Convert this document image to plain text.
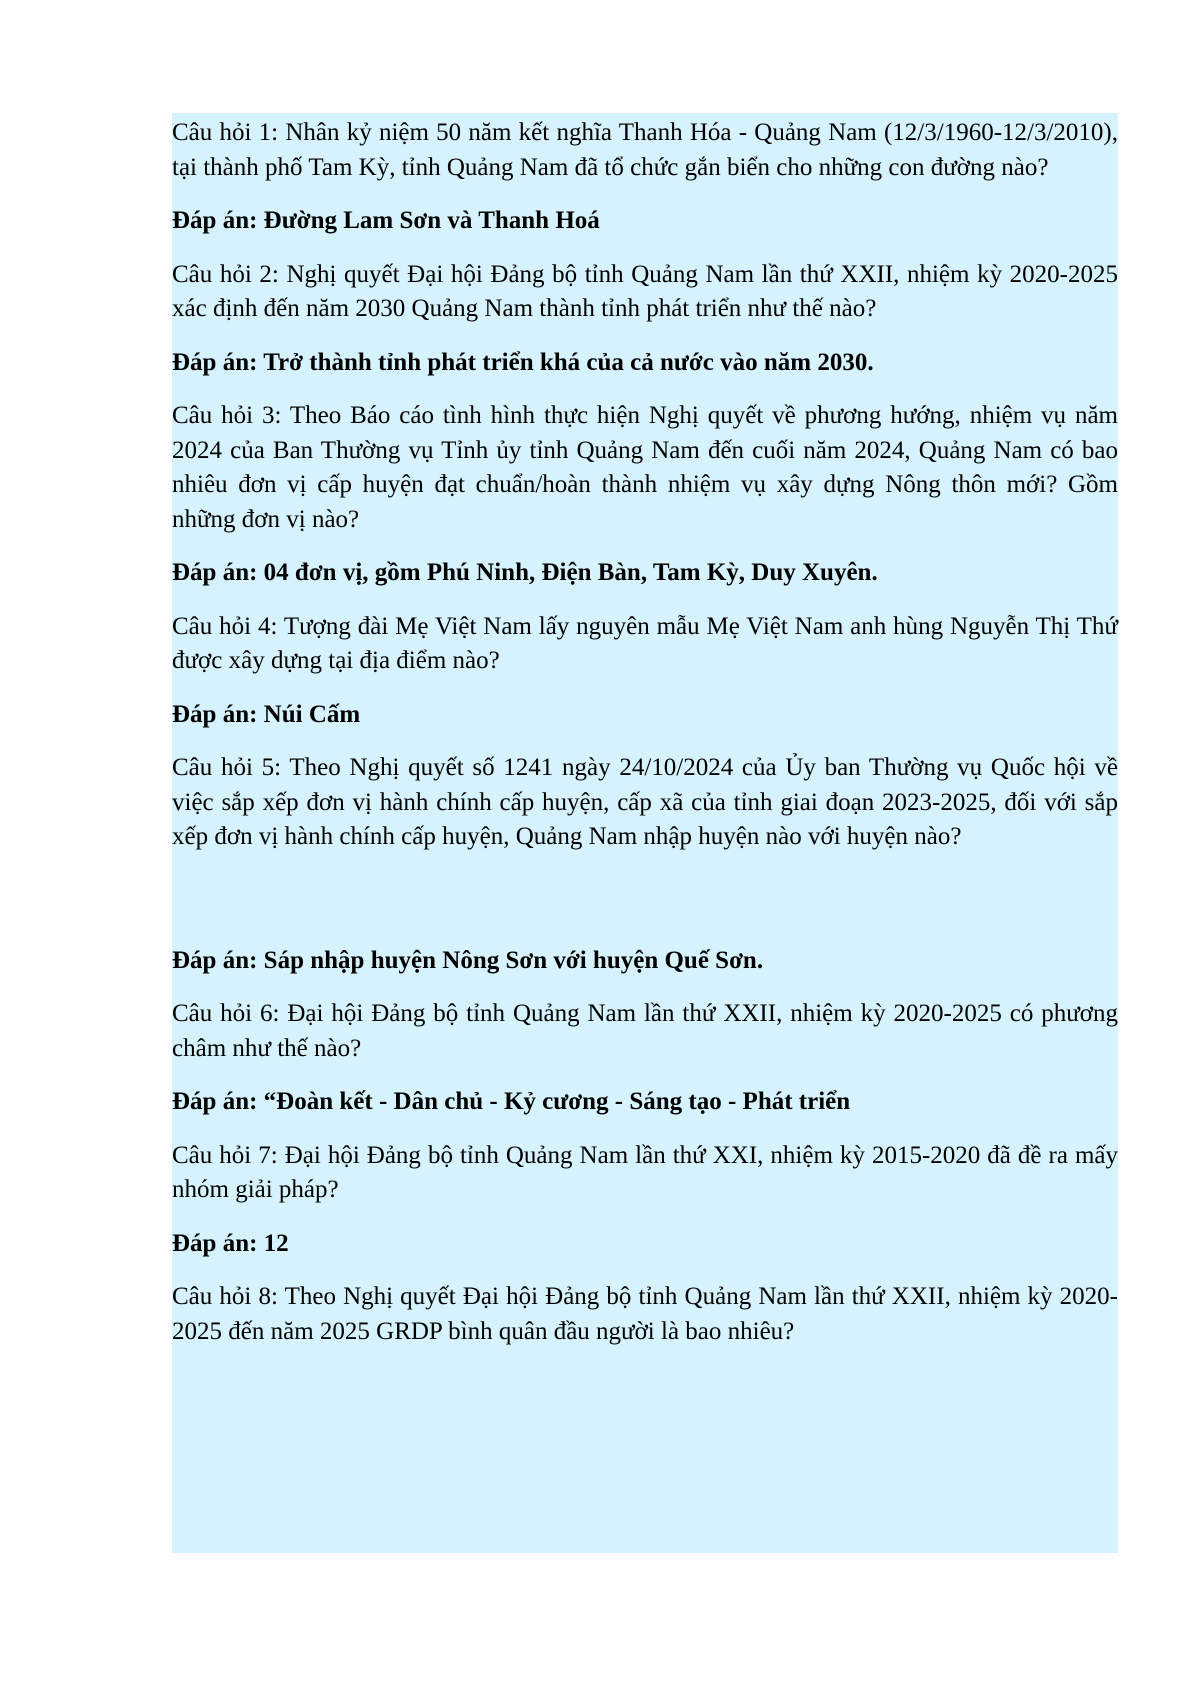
Câu hỏi 1: Nhân kỷ niệm 50 năm kết nghĩa Thanh Hóa - Quảng Nam (12/3/1960-12/3/2010), tại thành phố Tam Kỳ, tỉnh Quảng Nam đã tổ chức gắn biển cho những con đường nào?

Đáp án: Đường Lam Sơn và Thanh Hoá

Câu hỏi 2: Nghị quyết Đại hội Đảng bộ tỉnh Quảng Nam lần thứ XXII, nhiệm kỳ 2020-2025 xác định đến năm 2030 Quảng Nam thành tỉnh phát triển như thế nào?

Đáp án: Trở thành tỉnh phát triển khá của cả nước vào năm 2030.

Câu hỏi 3: Theo Báo cáo tình hình thực hiện Nghị quyết về phương hướng, nhiệm vụ năm 2024 của Ban Thường vụ Tỉnh ủy tỉnh Quảng Nam đến cuối năm 2024, Quảng Nam có bao nhiêu đơn vị cấp huyện đạt chuẩn/hoàn thành nhiệm vụ xây dựng Nông thôn mới? Gồm những đơn vị nào?

Đáp án: 04 đơn vị, gồm Phú Ninh, Điện Bàn, Tam Kỳ, Duy Xuyên.

Câu hỏi 4: Tượng đài Mẹ Việt Nam lấy nguyên mẫu Mẹ Việt Nam anh hùng Nguyễn Thị Thứ được xây dựng tại địa điểm nào?

Đáp án: Núi Cấm

Câu hỏi 5: Theo Nghị quyết số 1241 ngày 24/10/2024 của Ủy ban Thường vụ Quốc hội về việc sắp xếp đơn vị hành chính cấp huyện, cấp xã của tỉnh giai đoạn 2023-2025, đối với sắp xếp đơn vị hành chính cấp huyện, Quảng Nam nhập huyện nào với huyện nào?

Đáp án: Sáp nhập huyện Nông Sơn với huyện Quế Sơn.

Câu hỏi 6: Đại hội Đảng bộ tỉnh Quảng Nam lần thứ XXII, nhiệm kỳ 2020-2025 có phương châm như thế nào?

Đáp án: “Đoàn kết - Dân chủ - Kỷ cương - Sáng tạo - Phát triển

Câu hỏi 7: Đại hội Đảng bộ tỉnh Quảng Nam lần thứ XXI, nhiệm kỳ 2015-2020 đã đề ra mấy nhóm giải pháp?

Đáp án: 12

Câu hỏi 8: Theo Nghị quyết Đại hội Đảng bộ tỉnh Quảng Nam lần thứ XXII, nhiệm kỳ 2020-2025 đến năm 2025 GRDP bình quân đầu người là bao nhiêu?
